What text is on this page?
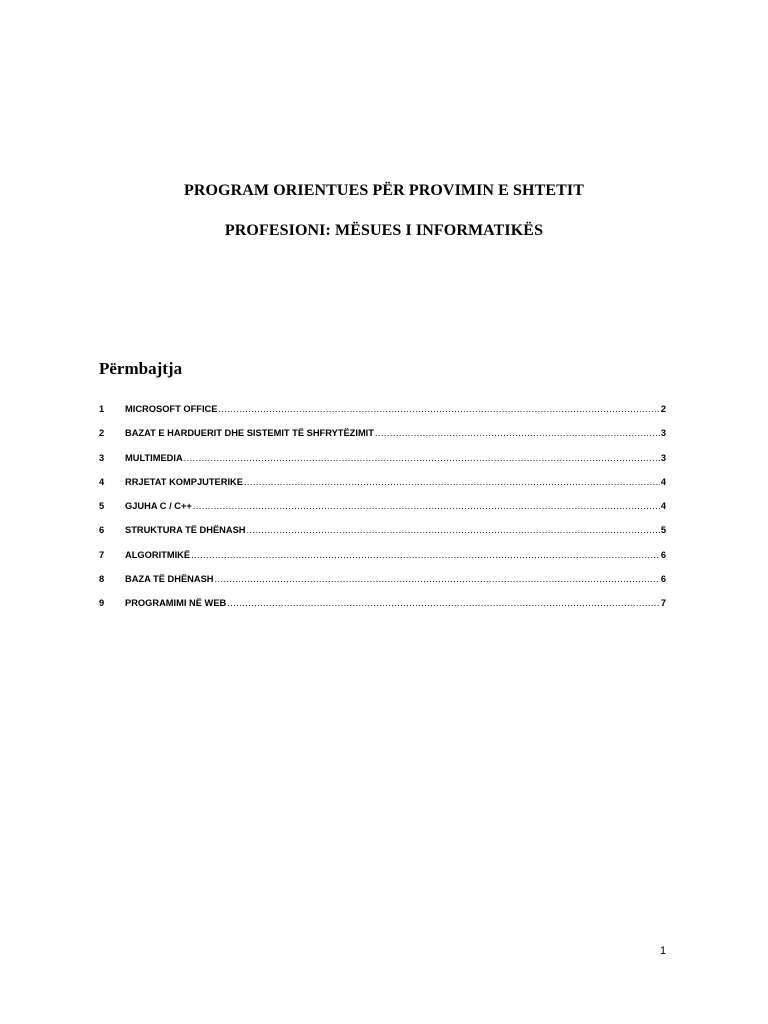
PROGRAM ORIENTUES PËR PROVIMIN E SHTETIT
PROFESIONI: MËSUES I INFORMATIKËS
Përmbajtja
1	MICROSOFT OFFICE .....	2
2	BAZAT E HARDUERIT DHE SISTEMIT TË SHFRYTËZIMIT .....	3
3	MULTIMEDIA .....	3
4	RRJETAT KOMPJUTERIKE .....	4
5	GJUHA C / C++ .....	4
6	STRUKTURA TË DHËNASH .....	5
7	ALGORITMIKË .....	6
8	BAZA TË DHËNASH .....	6
9	PROGRAMIMI NË WEB .....	7
1
